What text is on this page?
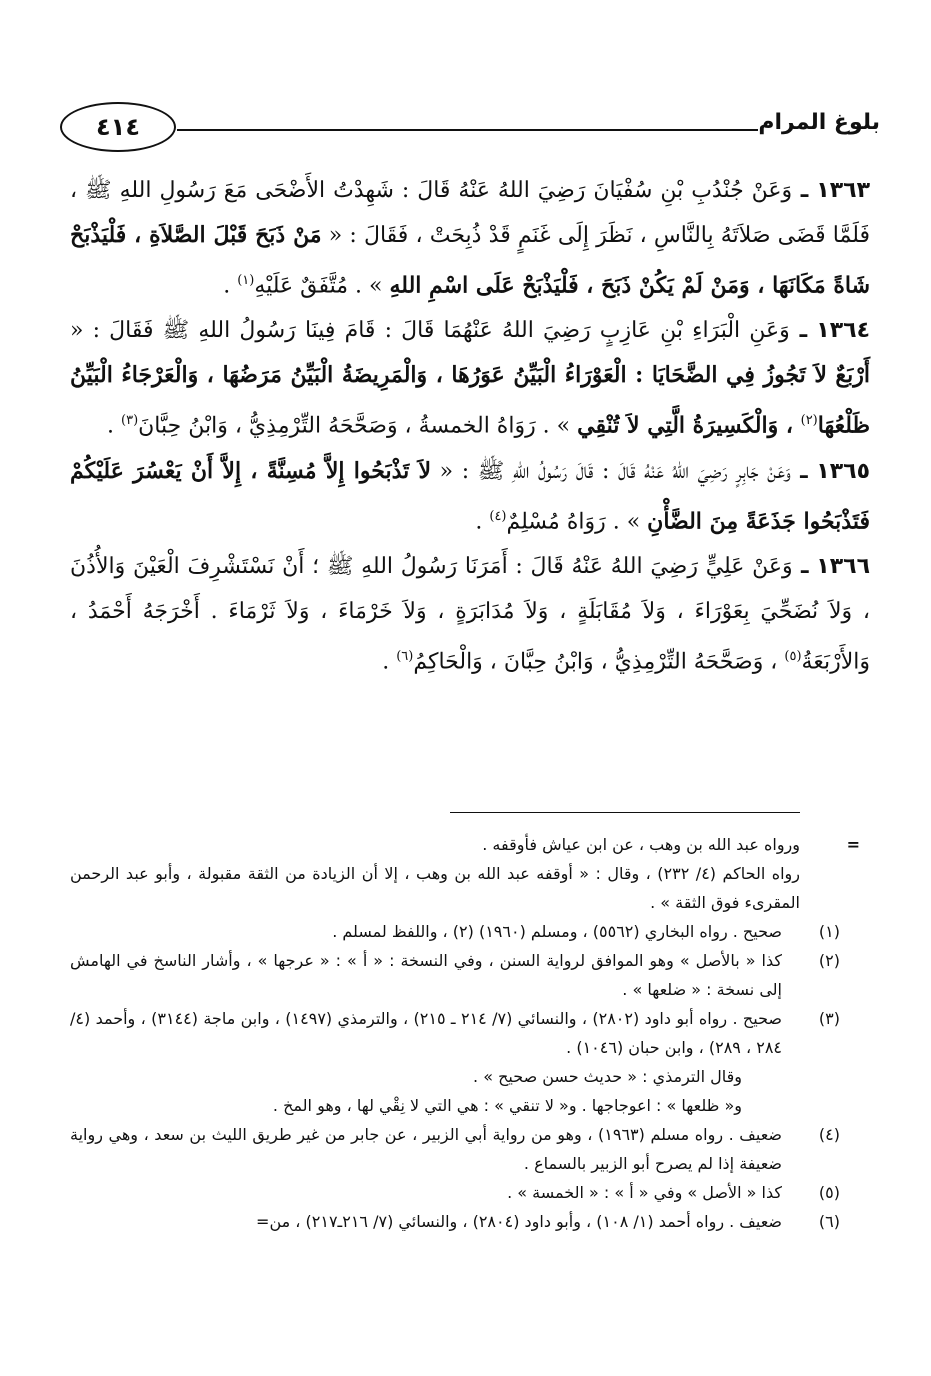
بلوغ المرام
٤١٤

١٣٦٣ ـ وَعَنْ جُنْدُبِ بْنِ سُفْيَانَ رَضِيَ اللهُ عَنْهُ قَالَ : شَهِدْتُ الأَضْحَى مَعَ رَسُولِ اللهِ ﷺ ، فَلَمَّا قَضَى صَلاَتَهُ بِالنَّاسِ ، نَظَرَ إِلَى غَنَمٍ قَدْ ذُبِحَتْ ، فَقَالَ : « مَنْ ذَبَحَ قَبْلَ الصَّلاَةِ ، فَلْيَذْبَحْ شَاةً مَكَانَهَا ، وَمَنْ لَمْ يَكُنْ ذَبَحَ ، فَلْيَذْبَحْ عَلَى اسْمِ اللهِ » . مُتَّفَقٌ عَلَيْهِ$^{(١)}$ .

١٣٦٤ ـ وَعَنِ الْبَرَاءِ بْنِ عَازِبٍ رَضِيَ اللهُ عَنْهُمَا قَالَ : قَامَ فِينَا رَسُولُ اللهِ ﷺ فَقَالَ : « أَرْبَعٌ لاَ تَجُوزُ فِي الضَّحَايَا : الْعَوْرَاءُ الْبَيِّنُ عَوَرُهَا ، وَالْمَرِيضَةُ الْبَيِّنُ مَرَضُهَا ، وَالْعَرْجَاءُ الْبَيِّنُ ظَلْعُهَا$^{(٢)}$ ، وَالْكَسِيرَةُ الَّتِي لاَ تُنْقِي » . رَوَاهُ الخمسةُ ، وَصَحَّحَهُ التِّرْمِذِيُّ ، وَابْنُ حِبَّانَ$^{(٣)}$ .

١٣٦٥ ـ وَعَنْ جَابِرٍ رَضِيَ اللهُ عَنْهُ قَالَ : قَالَ رَسُولُ اللهِ ﷺ : « لاَ تَذْبَحُوا إِلاَّ مُسِنَّةً ، إِلاَّ أَنْ يَعْسُرَ عَلَيْكُمْ فَتَذْبَحُوا جَذَعَةً مِنَ الضَّأْنِ » . رَوَاهُ مُسْلِمٌ$^{(٤)}$ .

١٣٦٦ ـ وَعَنْ عَلِيٍّ رَضِيَ اللهُ عَنْهُ قَالَ : أَمَرَنَا رَسُولُ اللهِ ﷺ ؛ أَنْ نَسْتَشْرِفَ الْعَيْنَ وَالأُذُنَ ، وَلاَ نُضَحِّيَ بِعَوْرَاءَ ، وَلاَ مُقَابَلَةٍ ، وَلاَ مُدَابَرَةٍ ، وَلاَ خَرْمَاءَ ، وَلاَ ثَرْمَاءَ . أَخْرَجَهُ أَحْمَدُ ، وَالأَرْبَعَةُ$^{(٥)}$ ، وَصَحَّحَهُ التِّرْمِذِيُّ ، وَابْنُ حِبَّانَ ، وَالْحَاكِمُ$^{(٦)}$ .

=

ورواه عبد الله بن وهب ، عن ابن عياش فأوقفه .

رواه الحاكم (٤/ ٢٣٢) ، وقال : « أوقفه عبد الله بن وهب ، إلا أن الزيادة من الثقة مقبولة ، وأبو عبد الرحمن المقرىء فوق الثقة » .

(١)

صحيح . رواه البخاري (٥٥٦٢) ، ومسلم (١٩٦٠) (٢) ، واللفظ لمسلم .

(٢)

كذا « بالأصل » وهو الموافق لرواية السنن ، وفي النسخة : « أ » : « عرجها » ، وأشار الناسخ في الهامش إلى نسخة : « ضلعها » .

(٣)

صحيح . رواه أبو داود (٢٨٠٢) ، والنسائي (٧/ ٢١٤ ـ ٢١٥) ، والترمذي (١٤٩٧) ، وابن ماجة (٣١٤٤) ، وأحمد (٤/ ٢٨٤ ، ٢٨٩) ، وابن حبان (١٠٤٦) .

وقال الترمذي : « حديث حسن صحيح » .

و« ظلعها » : اعوجاجها . و« لا تنقي » : هي التي لا نِقْي لها ، وهو المخ .

(٤)

ضعيف . رواه مسلم (١٩٦٣) ، وهو من رواية أبي الزبير ، عن جابر من غير طريق الليث بن سعد ، وهي رواية ضعيفة إذا لم يصرح أبو الزبير بالسماع .

(٥)

كذا « الأصل » وفي « أ » : « الخمسة » .

(٦)

ضعيف . رواه أحمد (١/ ١٠٨) ، وأبو داود (٢٨٠٤) ، والنسائي (٧/ ٢١٦ـ٢١٧) ، من=
